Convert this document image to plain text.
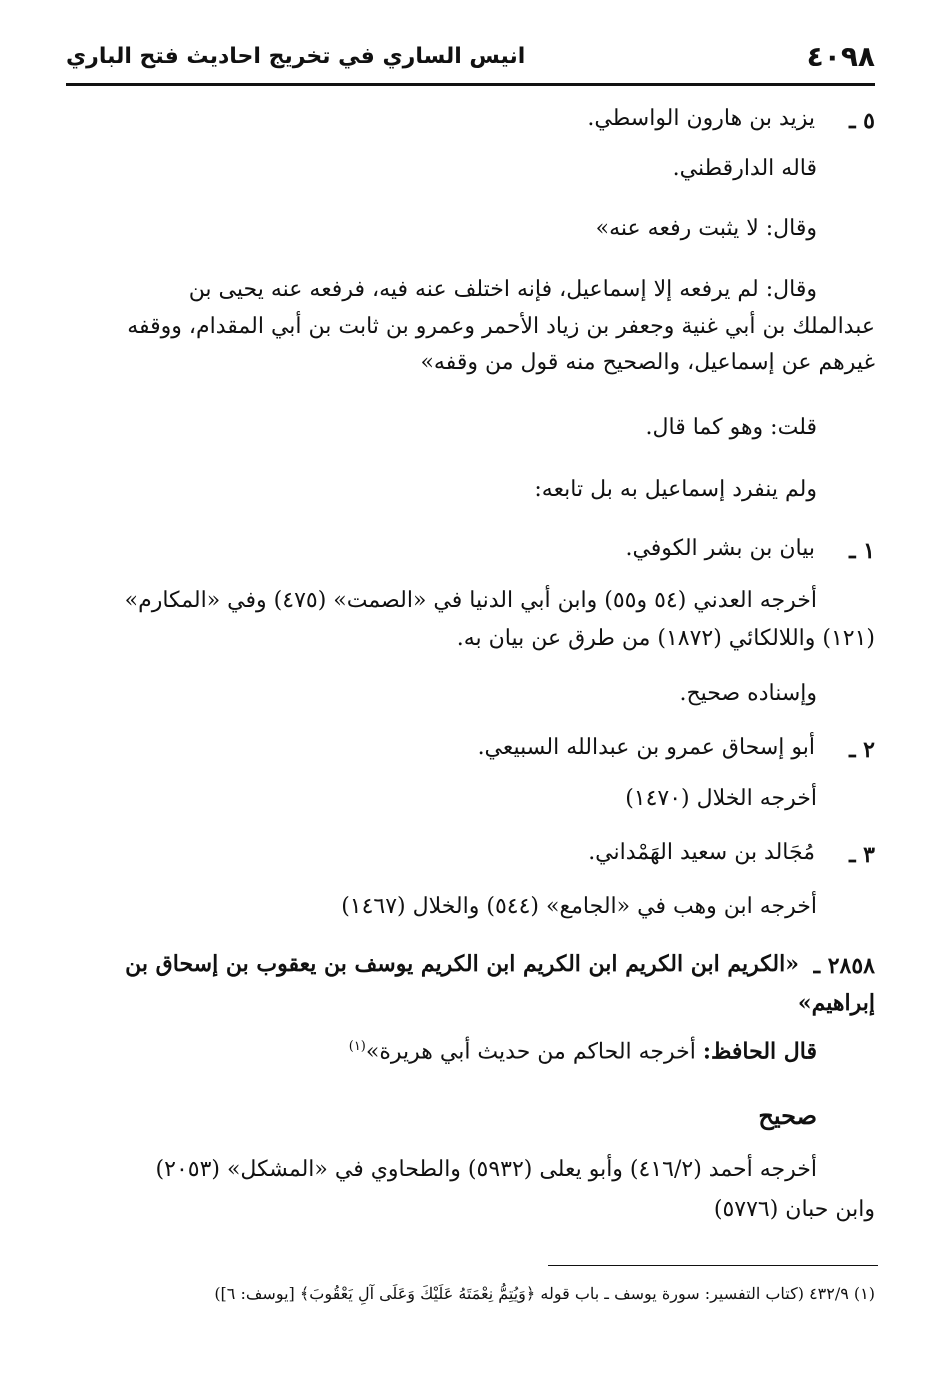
٤٠٩٨
انيس الساري في تخريج احاديث فتح الباري
٥ ـ
يزيد بن هارون الواسطي.
قاله الدارقطني.
وقال: لا يثبت رفعه عنه»
وقال: لم يرفعه إلا إسماعيل، فإنه اختلف عنه فيه، فرفعه عنه يحيى بن
عبدالملك بن أبي غنية وجعفر بن زياد الأحمر وعمرو بن ثابت بن أبي المقدام، ووقفه
غيرهم عن إسماعيل، والصحيح منه قول من وقفه»
قلت: وهو كما قال.
ولم ينفرد إسماعيل به بل تابعه:
١ ـ
بيان بن بشر الكوفي.
أخرجه العدني (٥٤ و٥٥) وابن أبي الدنيا في «الصمت» (٤٧٥) وفي «المكارم»
(١٢١) واللالكائي (١٨٧٢) من طرق عن بيان به.
وإسناده صحيح.
٢ ـ
أبو إسحاق عمرو بن عبدالله السبيعي.
أخرجه الخلال (١٤٧٠)
٣ ـ
مُجَالد بن سعيد الهَمْداني.
أخرجه ابن وهب في «الجامع» (٥٤٤) والخلال (١٤٦٧)
٢٨٥٨ ـ
«الكريم ابن الكريم ابن الكريم ابن الكريم يوسف بن يعقوب بن إسحاق بن
إبراهيم»
قال الحافظ: أخرجه الحاكم من حديث أبي هريرة»$^{(١)}$
صحيح
أخرجه أحمد (٤١٦/٢) وأبو يعلى (٥٩٣٢) والطحاوي في «المشكل» (٢٠٥٣)
وابن حبان (٥٧٧٦)
(١) ٤٣٢/٩ (كتاب التفسير: سورة يوسف ـ باب قوله ﴿وَيُتِمُّ نِعْمَتَهُ عَلَيْكَ وَعَلَى آلِ يَعْقُوبَ﴾ [يوسف: ٦])
